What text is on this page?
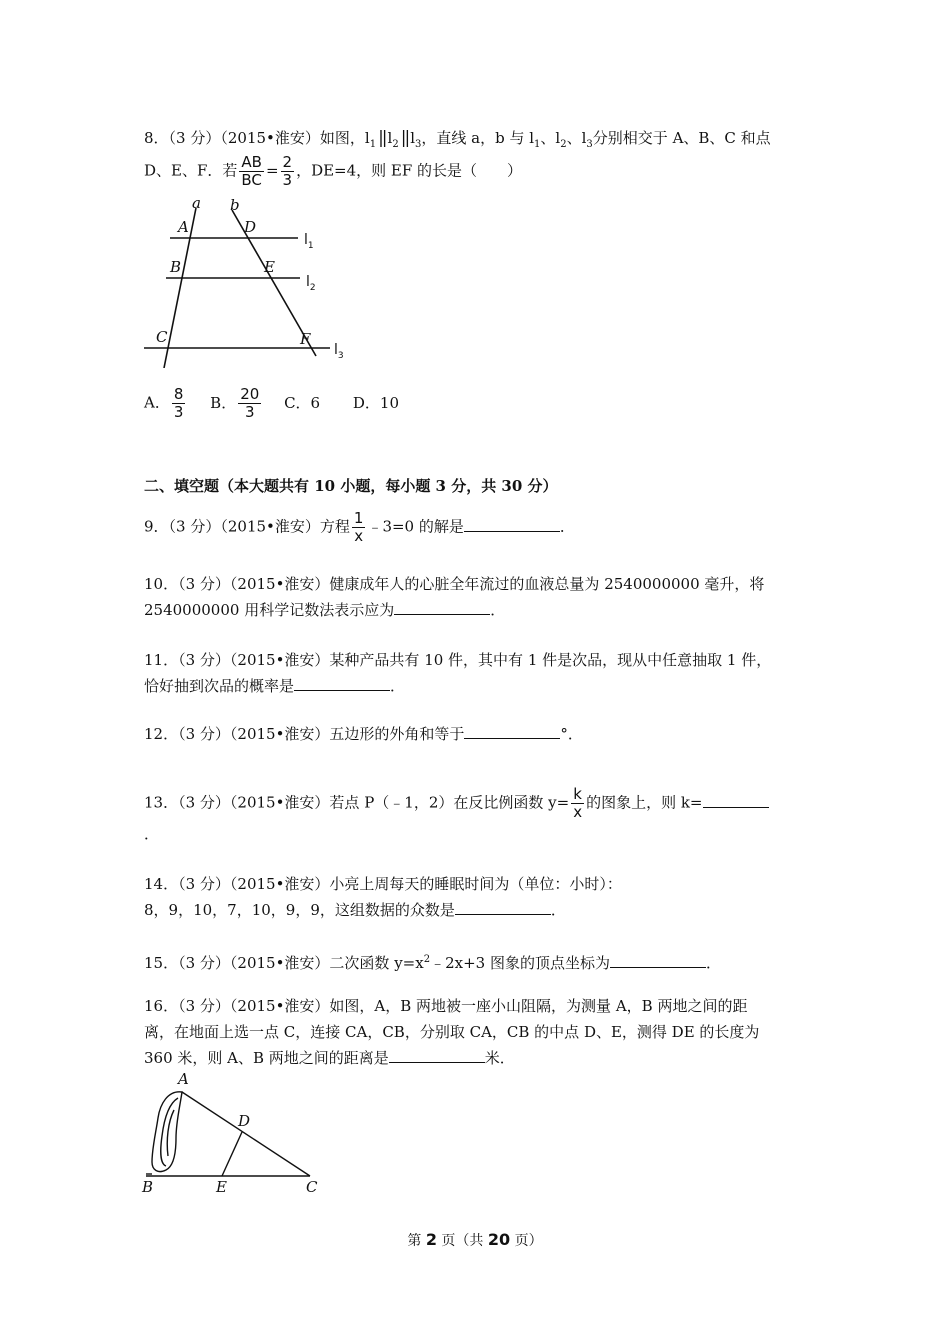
8．（3 分）（2015•淮安）如图，$l_1$ || $l_2$ || $l_3$，直线 a，b 与 $l_1$、$l_2$、$l_3$分别相交于 A、B、C 和点
D、E、F．若 $\frac{AB}{BC} = \frac{2}{3}$ ，DE=4，则 EF 的长是（　　）
a b
A	D
B	E
C	F
$l_1$
$l_2$
$l_3$
A． $\frac{8}{3}$ B． $\frac{20}{3}$ C．6 D．10
二、填空题（本大题共有 10 小题，每小题 3 分，共 30 分）
9．（3 分）（2015•淮安）方程 $\frac{1}{x}$ ﹣3=0 的解是	．
10．（3 分）（2015•淮安）健康成年人的心脏全年流过的血液总量为 2540000000 毫升，将
2540000000 用科学记数法表示应为	．
11．（3 分）（2015•淮安）某种产品共有 10 件，其中有 1 件是次品，现从中任意抽取 1 件，
恰好抽到次品的概率是	．
12．（3 分）（2015•淮安）五边形的外角和等于	°．
13．（3 分）（2015•淮安）若点 P（﹣1，2）在反比例函数 $y= \frac{k}{x}$ 的图象上，则 k=
．
14．（3 分）（2015•淮安）小亮上周每天的睡眠时间为（单位：小时）：
8，9，10，7，10，9，9，这组数据的众数是	．
15．（3 分）（2015•淮安）二次函数 $y=x^2﹣2x+3$ 图象的顶点坐标为	．
16．（3 分）（2015•淮安）如图，A，B 两地被一座小山阻隔，为测量 A，B 两地之间的距
离，在地面上选一点 C，连接 CA，CB，分别取 CA，CB 的中点 D、E，测得 DE 的长度为
360 米，则 A、B 两地之间的距离是	米．
A
D
B	E	C
第 2 页（共 20 页）
